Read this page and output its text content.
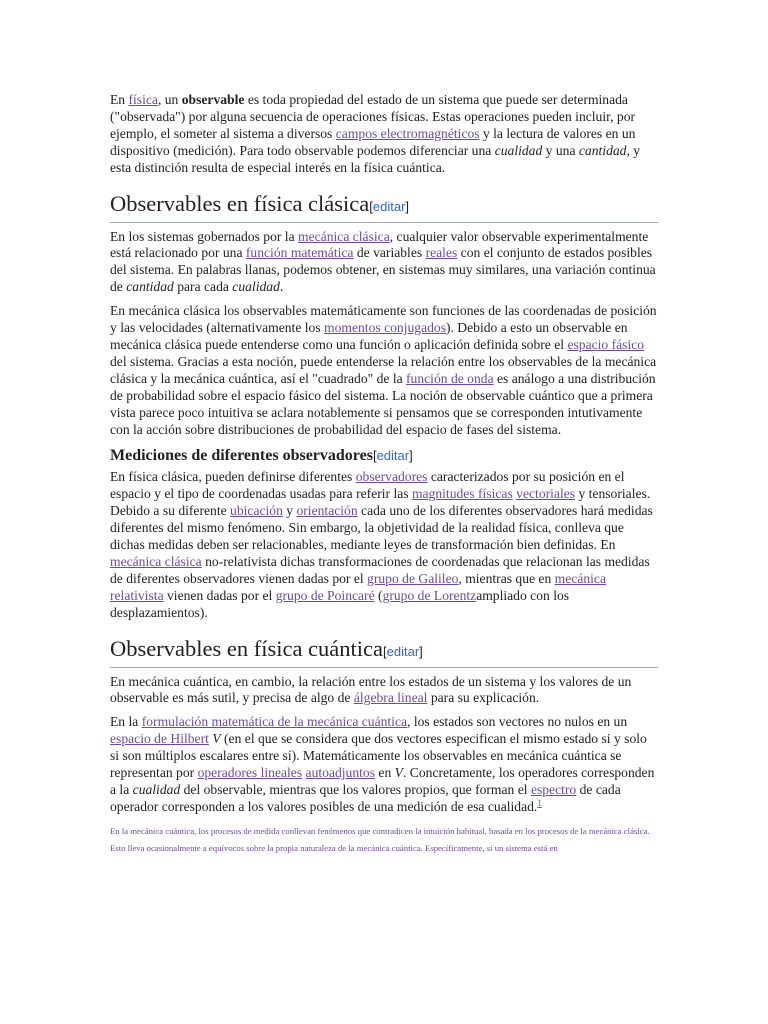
En física, un observable es toda propiedad del estado de un sistema que puede ser determinada ("observada") por alguna secuencia de operaciones físicas. Estas operaciones pueden incluir, por ejemplo, el someter al sistema a diversos campos electromagnéticos y la lectura de valores en un dispositivo (medición). Para todo observable podemos diferenciar una cualidad y una cantidad, y esta distinción resulta de especial interés en la física cuántica.

Observables en física clásica[editar]

En los sistemas gobernados por la mecánica clásica, cualquier valor observable experimentalmente está relacionado por una función matemática de variables reales con el conjunto de estados posibles del sistema. En palabras llanas, podemos obtener, en sistemas muy similares, una variación continua de cantidad para cada cualidad.

En mecánica clásica los observables matemáticamente son funciones de las coordenadas de posición y las velocidades (alternativamente los momentos conjugados). Debido a esto un observable en mecánica clásica puede entenderse como una función o aplicación definida sobre el espacio fásico del sistema. Gracias a esta noción, puede entenderse la relación entre los observables de la mecánica clásica y la mecánica cuántica, así el "cuadrado" de la función de onda es análogo a una distribución de probabilidad sobre el espacio fásico del sistema. La noción de observable cuántico que a primera vista parece poco intuitiva se aclara notablemente si pensamos que se corresponden intutivamente con la acción sobre distribuciones de probabilidad del espacio de fases del sistema.

Mediciones de diferentes observadores[editar]

En física clásica, pueden definirse diferentes observadores caracterizados por su posición en el espacio y el tipo de coordenadas usadas para referir las magnitudes físicas vectoriales y tensoriales. Debido a su diferente ubicación y orientación cada uno de los diferentes observadores hará medidas diferentes del mismo fenómeno. Sin embargo, la objetividad de la realidad física, conlleva que dichas medidas deben ser relacionables, mediante leyes de transformación bien definidas. En mecánica clásica no-relativista dichas transformaciones de coordenadas que relacionan las medidas de diferentes observadores vienen dadas por el grupo de Galileo, mientras que en mecánica relativista vienen dadas por el grupo de Poincaré (grupo de Lorentzampliado con los desplazamientos).

Observables en física cuántica[editar]

En mecánica cuántica, en cambio, la relación entre los estados de un sistema y los valores de un observable es más sutil, y precisa de algo de álgebra lineal para su explicación.

En la formulación matemática de la mecánica cuántica, los estados son vectores no nulos en un espacio de Hilbert V (en el que se considera que dos vectores especifican el mismo estado si y solo si son múltiplos escalares entre sí). Matemáticamente los observables en mecánica cuántica se representan por operadores lineales autoadjuntos en V. Concretamente, los operadores corresponden a la cualidad del observable, mientras que los valores propios, que forman el espectro de cada operador corresponden a los valores posibles de una medición de esa cualidad.$^1$

En la mecánica cuántica, los procesos de medida conllevan fenómenos que contradicen la intuición habitual, basada en los procesos de la mecánica clásica. Esto lleva ocasionalmente a equívocos sobre la propia naturaleza de la mecánica cuántica. Específicamente, si un sistema está en
